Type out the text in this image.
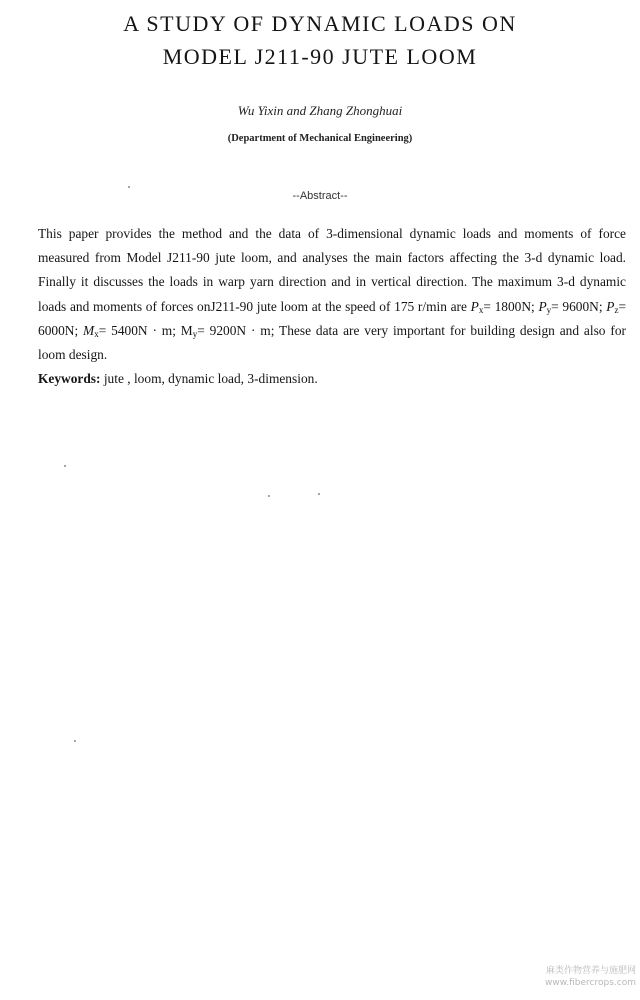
A STUDY OF DYNAMIC LOADS ON
MODEL J211-90 JUTE LOOM
Wu Yixin and Zhang Zhonghuai
(Department of Mechanical Engineering)
--Abstract--

This paper provides the method and the data of 3-dimensional dynamic loads and moments of force measured from Model J211-90 jute loom, and analyses the main factors affecting the 3-d dynamic load. Finally it discusses the loads in warp yarn direction and in vertical direction. The maximum 3-d dynamic loads and moments of forces onJ211-90 jute loom at the speed of 175 r/min are $P_x= 1800N$; $P_y= 9600N$; $P_z= 6000N$; $M_x= 5400N \cdot m$; $M_y= 9200N \cdot m$; These data are very important for building design and also for loom design.

Keywords: jute , loom, dynamic load, 3-dimension.

麻类作物营养与施肥网
www.fibercrops.com
